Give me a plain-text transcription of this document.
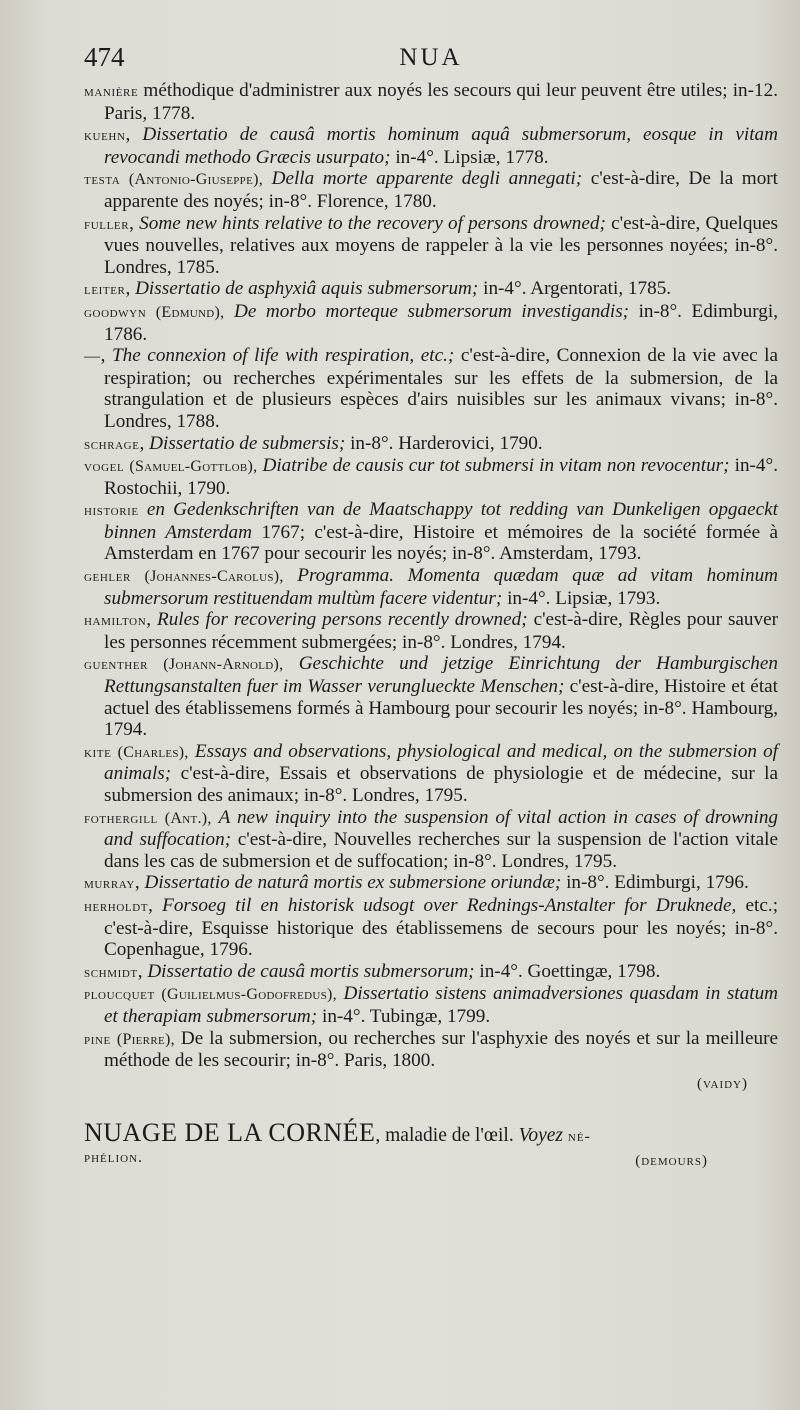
474	NUA

manière méthodique d'administrer aux noyés les secours qui leur peuvent être utiles; in-12. Paris, 1778.

kuehn, Dissertatio de causâ mortis hominum aquâ submersorum, eosque in vitam revocandi methodo Græcis usurpato; in-4°. Lipsiæ, 1778.

testa (Antonio-Giuseppe), Della morte apparente degli annegati; c'est-à-dire, De la mort apparente des noyés; in-8°. Florence, 1780.

fuller, Some new hints relative to the recovery of persons drowned; c'est-à-dire, Quelques vues nouvelles, relatives aux moyens de rappeler à la vie les personnes noyées; in-8°. Londres, 1785.

leiter, Dissertatio de asphyxiâ aquis submersorum; in-4°. Argentorati, 1785.

goodwyn (Edmund), De morbo morteque submersorum investigandis; in-8°. Edimburgi, 1786.

—, The connexion of life with respiration, etc.; c'est-à-dire, Connexion de la vie avec la respiration; ou recherches expérimentales sur les effets de la submersion, de la strangulation et de plusieurs espèces d'airs nuisibles sur les animaux vivans; in-8°. Londres, 1788.

schrage, Dissertatio de submersis; in-8°. Harderovici, 1790.

vogel (Samuel-Gottlob), Diatribe de causis cur tot submersi in vitam non revocentur; in-4°. Rostochii, 1790.

historie en Gedenkschriften van de Maatschappy tot redding van Dunkeligen opgaeckt binnen Amsterdam 1767; c'est-à-dire, Histoire et mémoires de la société formée à Amsterdam en 1767 pour secourir les noyés; in-8°. Amsterdam, 1793.

gehler (Johannes-Carolus), Programma. Momenta quædam quæ ad vitam hominum submersorum restituendam multùm facere videntur; in-4°. Lipsiæ, 1793.

hamilton, Rules for recovering persons recently drowned; c'est-à-dire, Règles pour sauver les personnes récemment submergées; in-8°. Londres, 1794.

guenther (Johann-Arnold), Geschichte und jetzige Einrichtung der Hamburgischen Rettungsanstalten fuer im Wasser verunglueckte Menschen; c'est-à-dire, Histoire et état actuel des établissemens formés à Hambourg pour secourir les noyés; in-8°. Hambourg, 1794.

kite (Charles), Essays and observations, physiological and medical, on the submersion of animals; c'est-à-dire, Essais et observations de physiologie et de médecine, sur la submersion des animaux; in-8°. Londres, 1795.

fothergill (Ant.), A new inquiry into the suspension of vital action in cases of drowning and suffocation; c'est-à-dire, Nouvelles recherches sur la suspension de l'action vitale dans les cas de submersion et de suffocation; in-8°. Londres, 1795.

murray, Dissertatio de naturâ mortis ex submersione oriundæ; in-8°. Edimburgi, 1796.

herholdt, Forsoeg til en historisk udsogt over Rednings-Anstalter for Druknede, etc.; c'est-à-dire, Esquisse historique des établissemens de secours pour les noyés; in-8°. Copenhague, 1796.

schmidt, Dissertatio de causâ mortis submersorum; in-4°. Goettingæ, 1798.

ploucquet (Guilielmus-Godofredus), Dissertatio sistens animadversiones quasdam in statum et therapiam submersorum; in-4°. Tubingæ, 1799.

pine (Pierre), De la submersion, ou recherches sur l'asphyxie des noyés et sur la meilleure méthode de les secourir; in-8°. Paris, 1800.

(vaidy)
NUAGE DE LA CORNÉE, maladie de l'œil. Voyez né-
phélion.	(demours)
